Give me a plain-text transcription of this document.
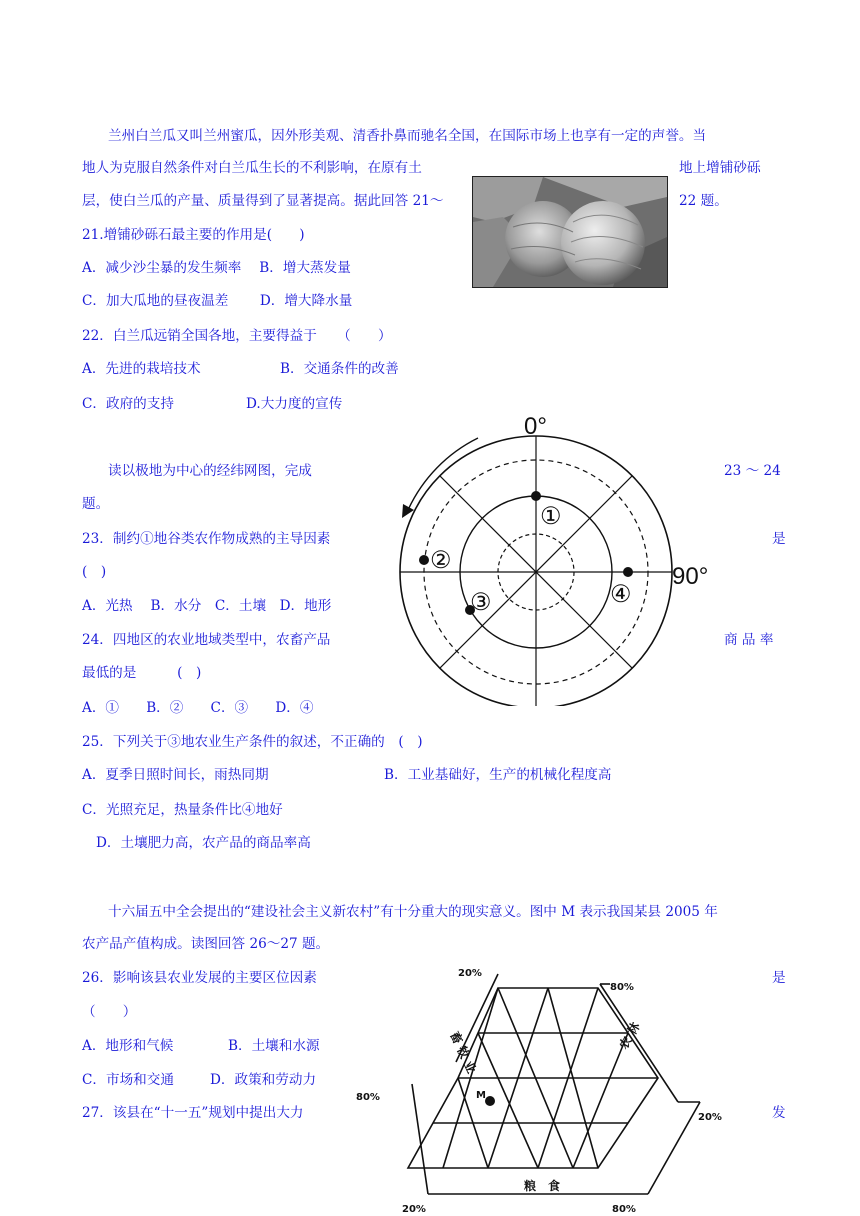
兰州白兰瓜又叫兰州蜜瓜，因外形美观、清香扑鼻而驰名全国，在国际市场上也享有一定的声誉。当
地人为克服自然条件对白兰瓜生长的不利影响，在原有土	地上增铺砂砾
层，使白兰瓜的产量、质量得到了显著提高。据此回答 21～	22 题。
21.增铺砂砾石最主要的作用是(　　)
A．减少沙尘暴的发生频率　 B．增大蒸发量
C．加大瓜地的昼夜温差　　 D．增大降水量
22．白兰瓜远销全国各地，主要得益于　　（　　）
A．先进的栽培技术	B．交通条件的改善
C．政府的支持	D.大力度的宣传
读以极地为中心的经纬网图，完成	23 ～ 24
题。
23．制约①地谷类农作物成熟的主导因素	是
(　)
A．光热　 B．水分　C．土壤　D．地形
24．四地区的农业地域类型中，农畜产品	商 品 率
最低的是　　　(　)
A．①　　B．②　　C．③　　D．④
25．下列关于③地农业生产条件的叙述，不正确的　(　)
A．夏季日照时间长，雨热同期	B．工业基础好，生产的机械化程度高
C．光照充足，热量条件比④地好
D．土壤肥力高，农产品的商品率高
0°
90°
①
②
③	④
十六届五中全会提出的“建设社会主义新农村”有十分重大的现实意义。图中 M 表示我国某县 2005 年
农产品产值构成。读图回答 26～27 题。
26．影响该县农业发展的主要区位因素	是
（　　）
A．地形和气候	B．土壤和水源
C．市场和交通	D．政策和劳动力
27．该县在“十一五”规划中提出大力	发
20%
80%
80%
20%
20%	80%
M
畜 牧 业	农 林
粮　食
